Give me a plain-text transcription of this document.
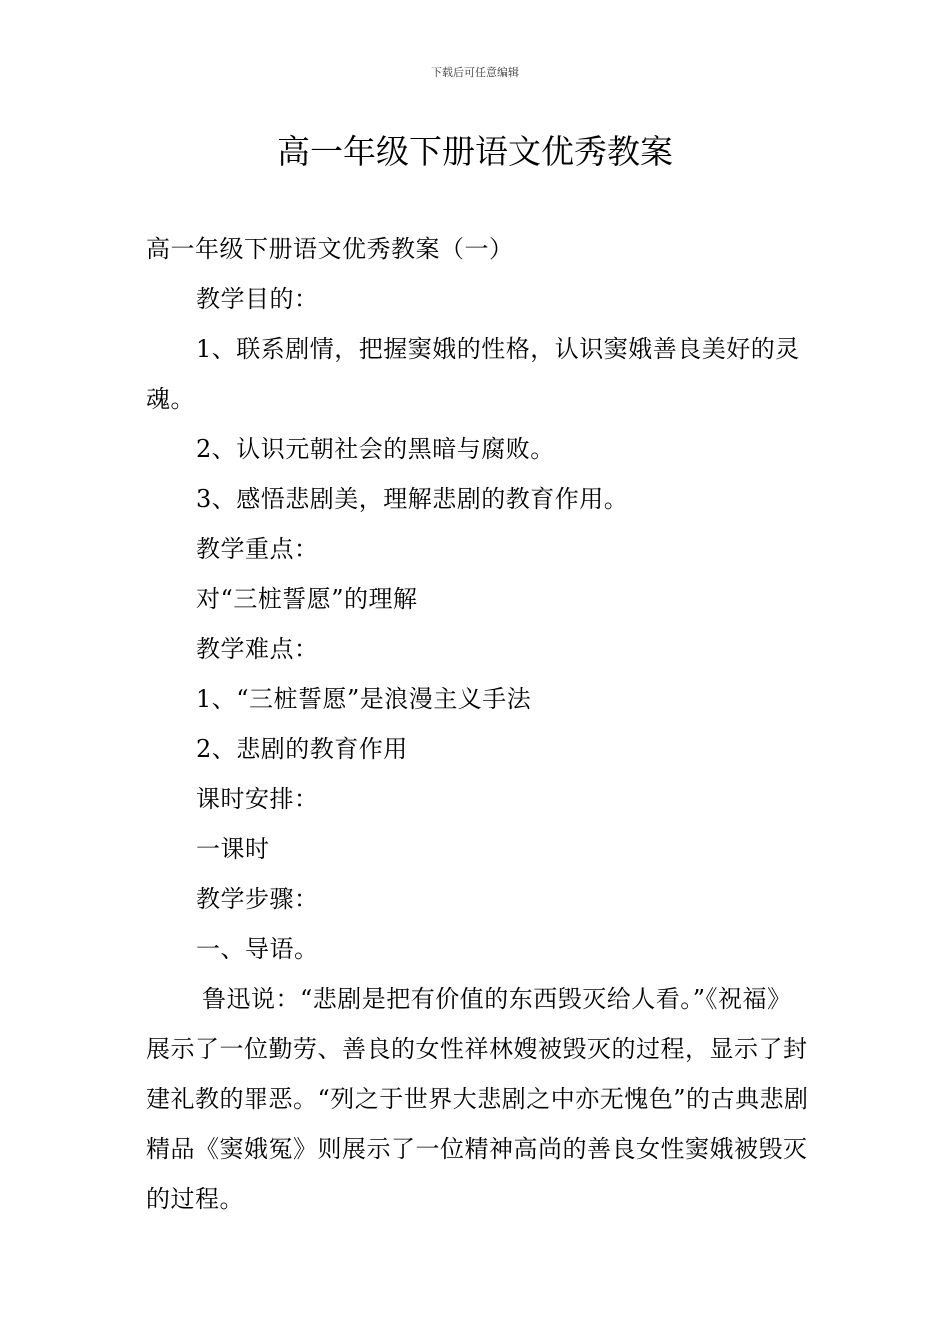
下载后可任意编辑
高一年级下册语文优秀教案

高一年级下册语文优秀教案（一）

教学目的：

1、联系剧情，把握窦娥的性格，认识窦娥善良美好的灵魂。

2、认识元朝社会的黑暗与腐败。

3、感悟悲剧美，理解悲剧的教育作用。

教学重点：

对“三桩誓愿”的理解

教学难点：

1、“三桩誓愿”是浪漫主义手法

2、悲剧的教育作用

课时安排：

一课时

教学步骤：

一、导语。

鲁迅说：“悲剧是把有价值的东西毁灭给人看。”《祝福》展示了一位勤劳、善良的女性祥林嫂被毁灭的过程，显示了封建礼教的罪恶。“列之于世界大悲剧之中亦无愧色”的古典悲剧精品《窦娥冤》则展示了一位精神高尚的善良女性窦娥被毁灭的过程。
